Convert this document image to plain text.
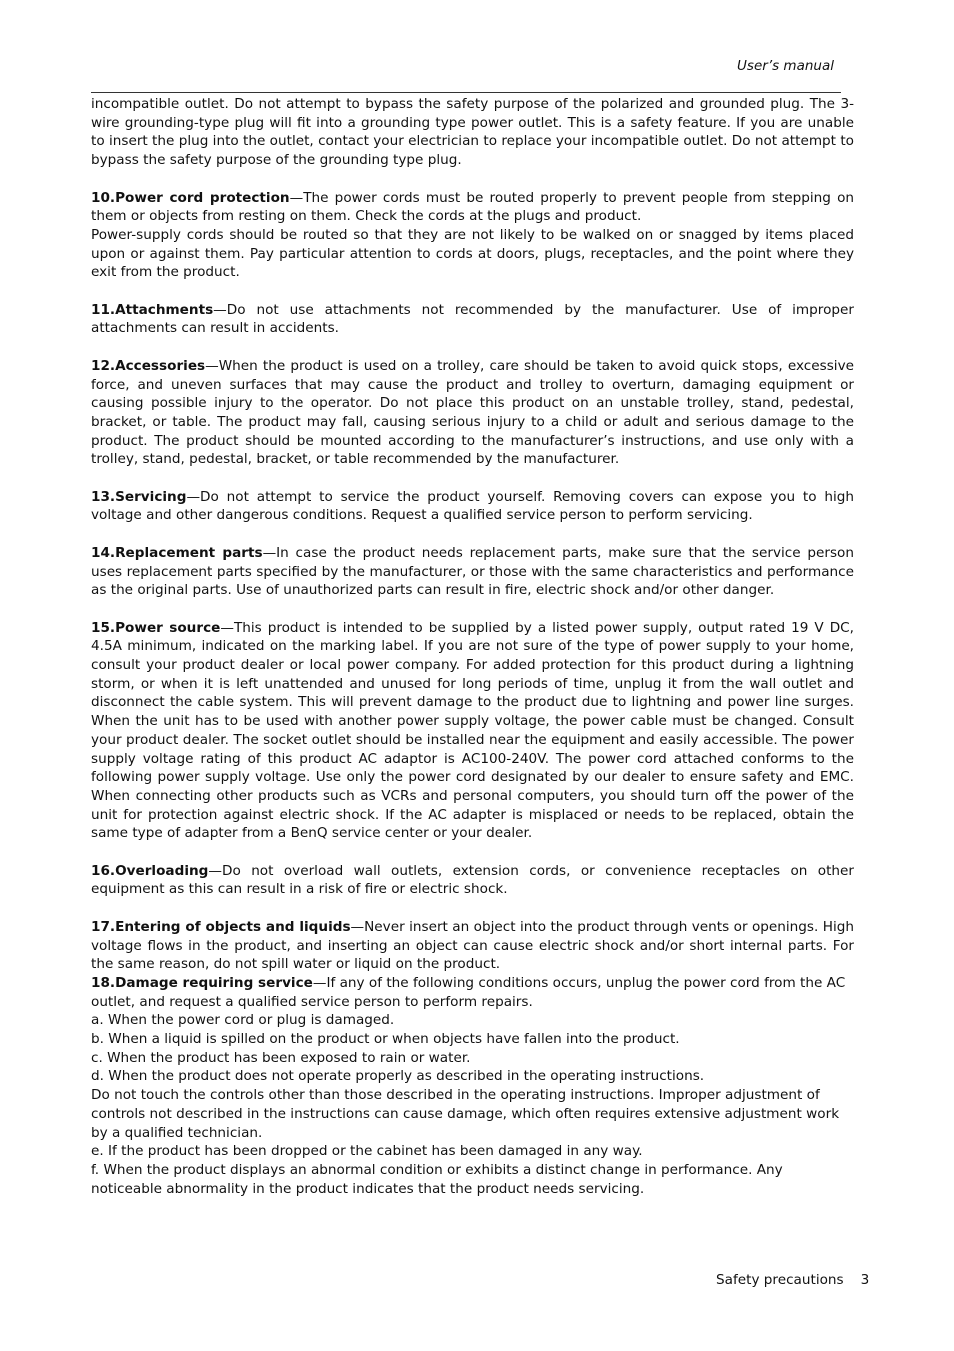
User’s manual

incompatible outlet. Do not attempt to bypass the safety purpose of the polarized and grounded plug. The 3-wire grounding-type plug will fit into a grounding type power outlet. This is a safety feature. If you are unable to insert the plug into the outlet, contact your electrician to replace your incompatible outlet. Do not attempt to bypass the safety purpose of the grounding type plug.

10.Power cord protection—The power cords must be routed properly to prevent people from stepping on them or objects from resting on them. Check the cords at the plugs and product.

Power-supply cords should be routed so that they are not likely to be walked on or snagged by items placed upon or against them. Pay particular attention to cords at doors, plugs, receptacles, and the point where they exit from the product.

11.Attachments—Do not use attachments not recommended by the manufacturer. Use of improper attachments can result in accidents.

12.Accessories—When the product is used on a trolley, care should be taken to avoid quick stops, excessive force, and uneven surfaces that may cause the product and trolley to overturn, damaging equipment or causing possible injury to the operator. Do not place this product on an unstable trolley, stand, pedestal, bracket, or table. The product may fall, causing serious injury to a child or adult and serious damage to the product. The product should be mounted according to the manufacturer’s instructions, and use only with a trolley, stand, pedestal, bracket, or table recommended by the manufacturer.

13.Servicing—Do not attempt to service the product yourself. Removing covers can expose you to high voltage and other dangerous conditions. Request a qualified service person to perform servicing.

14.Replacement parts—In case the product needs replacement parts, make sure that the service person uses replacement parts specified by the manufacturer, or those with the same characteristics and performance as the original parts. Use of unauthorized parts can result in fire, electric shock and/or other danger.

15.Power source—This product is intended to be supplied by a listed power supply, output rated 19 V DC, 4.5A minimum, indicated on the marking label. If you are not sure of the type of power supply to your home, consult your product dealer or local power company. For added protection for this product during a lightning storm, or when it is left unattended and unused for long periods of time, unplug it from the wall outlet and disconnect the cable system. This will prevent damage to the product due to lightning and power line surges. When the unit has to be used with another power supply voltage, the power cable must be changed. Consult your product dealer. The socket outlet should be installed near the equipment and easily accessible. The power supply voltage rating of this product AC adaptor is AC100-240V. The power cord attached conforms to the following power supply voltage. Use only the power cord designated by our dealer to ensure safety and EMC. When connecting other products such as VCRs and personal computers, you should turn off the power of the unit for protection against electric shock. If the AC adapter is misplaced or needs to be replaced, obtain the same type of adapter from a BenQ service center or your dealer.

16.Overloading—Do not overload wall outlets, extension cords, or convenience receptacles on other equipment as this can result in a risk of fire or electric shock.

17.Entering of objects and liquids—Never insert an object into the product through vents or openings. High voltage flows in the product, and inserting an object can cause electric shock and/or short internal parts. For the same reason, do not spill water or liquid on the product.

18.Damage requiring service—If any of the following conditions occurs, unplug the power cord from the AC outlet, and request a qualified service person to perform repairs.

a. When the power cord or plug is damaged.

b. When a liquid is spilled on the product or when objects have fallen into the product.

c. When the product has been exposed to rain or water.

d. When the product does not operate properly as described in the operating instructions.

Do not touch the controls other than those described in the operating instructions. Improper adjustment of controls not described in the instructions can cause damage, which often requires extensive adjustment work by a qualified technician.

e. If the product has been dropped or the cabinet has been damaged in any way.

f. When the product displays an abnormal condition or exhibits a distinct change in performance. Any noticeable abnormality in the product indicates that the product needs servicing.

Safety precautions 3
